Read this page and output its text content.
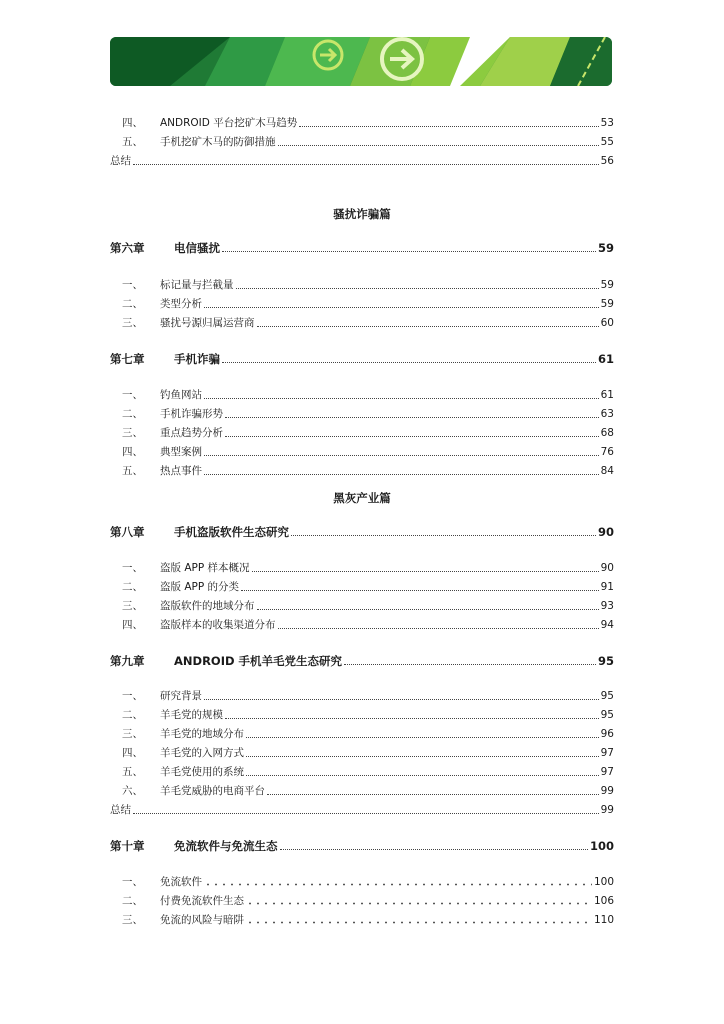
四、	ANDROID 平台挖矿木马趋势	53
五、	手机挖矿木马的防御措施	55
总结	56
骚扰诈骗篇
第六章	电信骚扰	59
一、	标记量与拦截量	59
二、	类型分析	59
三、	骚扰号源归属运营商	60
第七章	手机诈骗	61
一、	钓鱼网站	61
二、	手机诈骗形势	63
三、	重点趋势分析	68
四、	典型案例	76
五、	热点事件	84
黑灰产业篇
第八章	手机盗版软件生态研究	90
一、	盗版 APP 样本概况	90
二、	盗版 APP 的分类	91
三、	盗版软件的地域分布	93
四、	盗版样本的收集渠道分布	94
第九章	ANDROID 手机羊毛党生态研究	95
一、	研究背景	95
二、	羊毛党的规模	95
三、	羊毛党的地域分布	96
四、	羊毛党的入网方式	97
五、	羊毛党使用的系统	97
六、	羊毛党威胁的电商平台	99
总结	99
第十章	免流软件与免流生态	100
一、	免流软件	100
二、	付费免流软件生态	106
三、	免流的风险与暗阱	110
